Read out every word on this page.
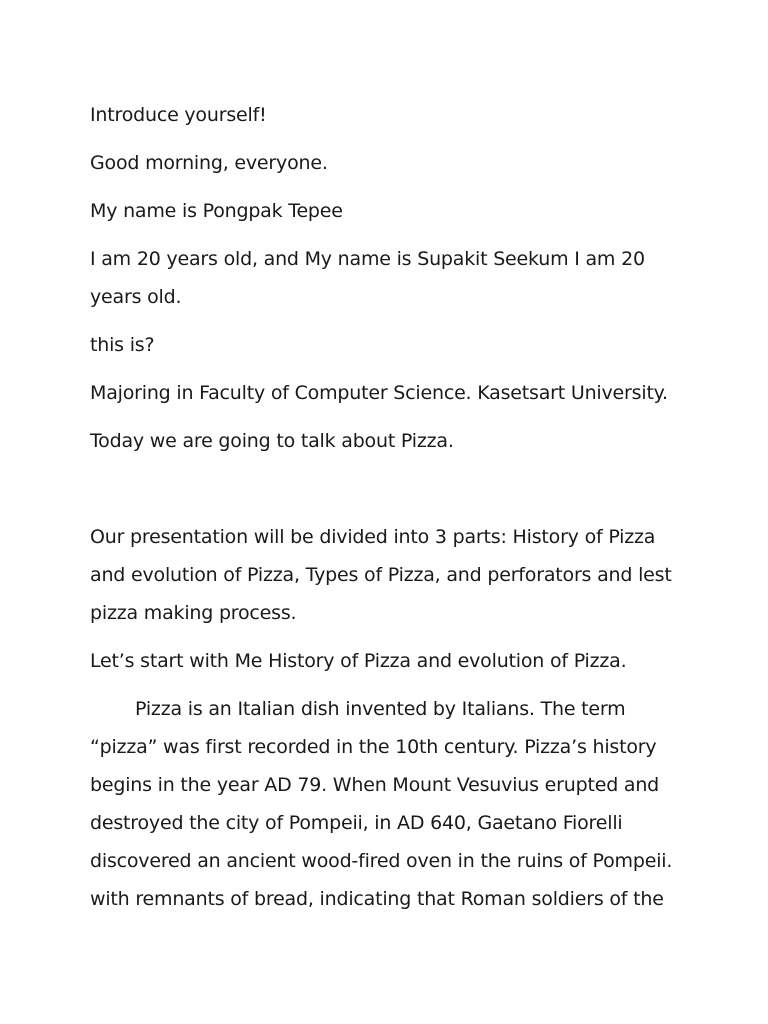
Introduce yourself!

Good morning, everyone.

My name is Pongpak Tepee

I am 20 years old, and My name is Supakit Seekum I am 20 years old.

this is?

Majoring in Faculty of Computer Science. Kasetsart University.

Today we are going to talk about Pizza.

Our presentation will be divided into 3 parts: History of Pizza and evolution of Pizza, Types of Pizza, and perforators and lest pizza making process.

Let’s start with Me History of Pizza and evolution of Pizza.

Pizza is an Italian dish invented by Italians. The term “pizza” was first recorded in the 10th century. Pizza’s history begins in the year AD 79. When Mount Vesuvius erupted and destroyed the city of Pompeii, in AD 640, Gaetano Fiorelli discovered an ancient wood-fired oven in the ruins of Pompeii. with remnants of bread, indicating that Roman soldiers of the
